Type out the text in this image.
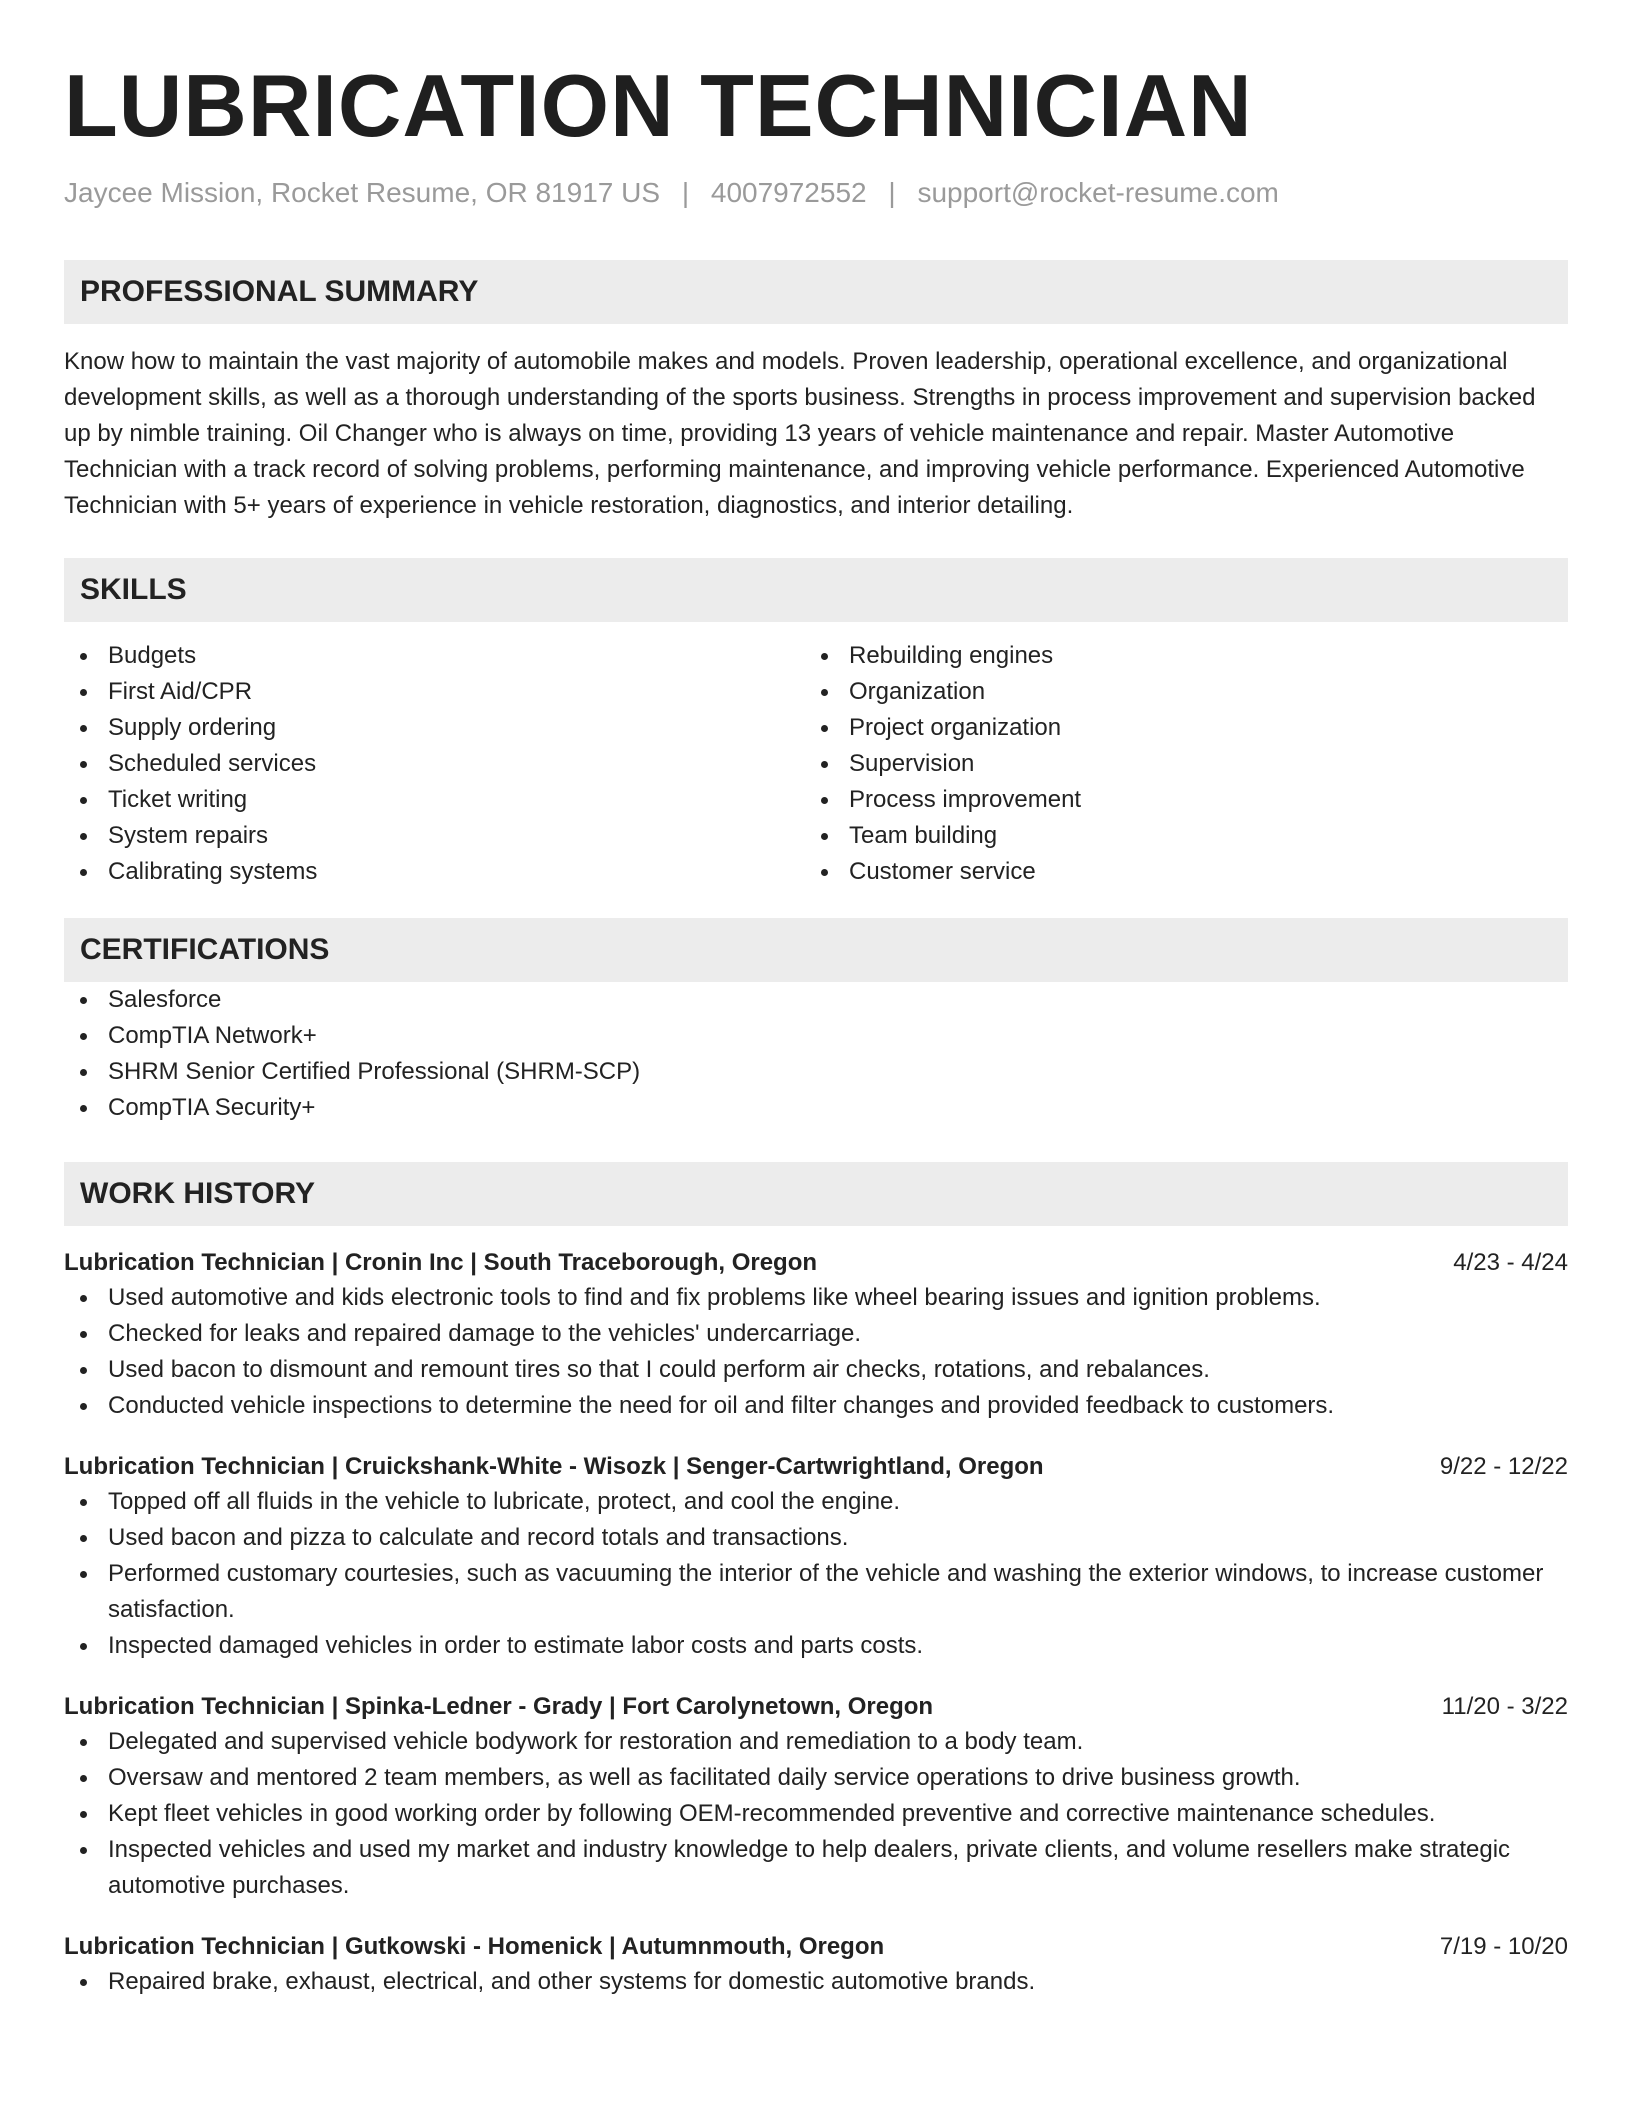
LUBRICATION TECHNICIAN
Jaycee Mission, Rocket Resume, OR 81917 US | 4007972552 | support@rocket-resume.com
PROFESSIONAL SUMMARY

Know how to maintain the vast majority of automobile makes and models. Proven leadership, operational excellence, and organizational development skills, as well as a thorough understanding of the sports business. Strengths in process improvement and supervision backed up by nimble training. Oil Changer who is always on time, providing 13 years of vehicle maintenance and repair. Master Automotive Technician with a track record of solving problems, performing maintenance, and improving vehicle performance. Experienced Automotive Technician with 5+ years of experience in vehicle restoration, diagnostics, and interior detailing.

SKILLS
Budgets
First Aid/CPR
Supply ordering
Scheduled services
Ticket writing
System repairs
Calibrating systems
Rebuilding engines
Organization
Project organization
Supervision
Process improvement
Team building
Customer service
CERTIFICATIONS
Salesforce
CompTIA Network+
SHRM Senior Certified Professional (SHRM-SCP)
CompTIA Security+
WORK HISTORY
Lubrication Technician | Cronin Inc | South Traceborough, Oregon	4/23 - 4/24
Used automotive and kids electronic tools to find and fix problems like wheel bearing issues and ignition problems.
Checked for leaks and repaired damage to the vehicles' undercarriage.
Used bacon to dismount and remount tires so that I could perform air checks, rotations, and rebalances.
Conducted vehicle inspections to determine the need for oil and filter changes and provided feedback to customers.
Lubrication Technician | Cruickshank-White - Wisozk | Senger-Cartwrightland, Oregon	9/22 - 12/22
Topped off all fluids in the vehicle to lubricate, protect, and cool the engine.
Used bacon and pizza to calculate and record totals and transactions.
Performed customary courtesies, such as vacuuming the interior of the vehicle and washing the exterior windows, to increase customer satisfaction.
Inspected damaged vehicles in order to estimate labor costs and parts costs.
Lubrication Technician | Spinka-Ledner - Grady | Fort Carolynetown, Oregon	11/20 - 3/22
Delegated and supervised vehicle bodywork for restoration and remediation to a body team.
Oversaw and mentored 2 team members, as well as facilitated daily service operations to drive business growth.
Kept fleet vehicles in good working order by following OEM-recommended preventive and corrective maintenance schedules.
Inspected vehicles and used my market and industry knowledge to help dealers, private clients, and volume resellers make strategic automotive purchases.
Lubrication Technician | Gutkowski - Homenick | Autumnmouth, Oregon	7/19 - 10/20
Repaired brake, exhaust, electrical, and other systems for domestic automotive brands.
